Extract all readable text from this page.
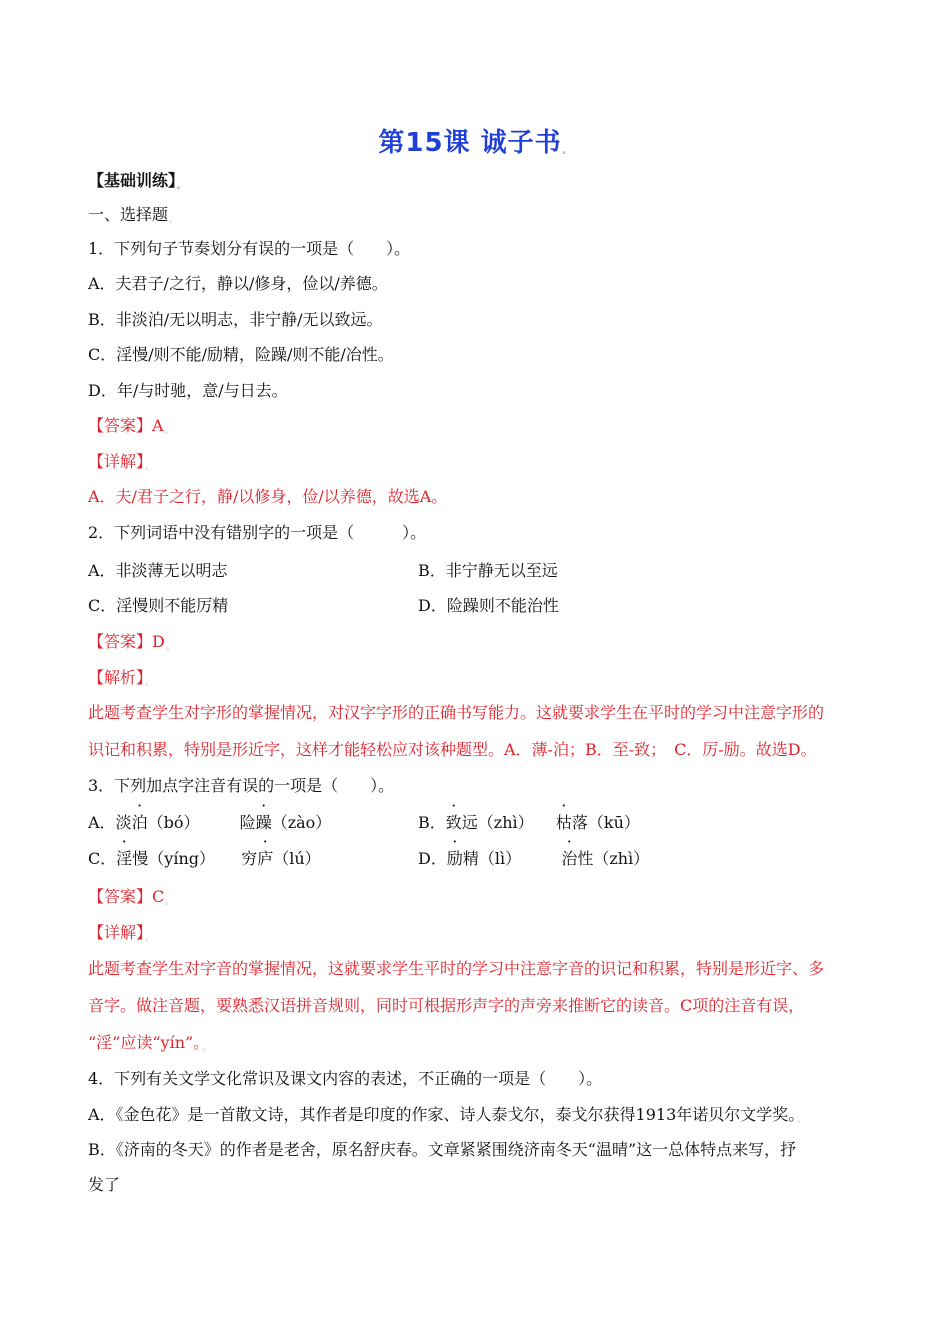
第15课 诚子书。
【基础训练】。
一、选择题。
1．下列句子节奏划分有误的一项是（　　）。
A．夫君子/之行，静以/修身，俭以/养德。
B．非淡泊/无以明志，非宁静/无以致远。
C．淫慢/则不能/励精，险躁/则不能/冶性。
D．年/与时驰，意/与日去。
【答案】A。
【详解】。
A．夫/君子之行，静/以修身，俭/以养德，故选A。
2．下列词语中没有错别字的一项是（　　　）。
A．非淡薄无以明志	B．非宁静无以至远
C．淫慢则不能厉精	D．险躁则不能治性
【答案】D。
【解析】。
此题考查学生对字形的掌握情况，对汉字字形的正确书写能力。这就要求学生在平时的学习中注意字形的
识记和积累，特别是形近字，这样才能轻松应对该种题型。A．薄-泊；B．至-致；　C．厉-励。故选D。
3．下列加点字注音有误的一项是（　　）。
A．淡泊（bó）	险躁（zào）	B．致远（zhì） 枯落（kū）
C．淫慢（yíng） 穷庐（lú）	D．励精（lì）	治性（zhì）
【答案】C。
【详解】。
此题考查学生对字音的掌握情况，这就要求学生平时的学习中注意字音的识记和积累，特别是形近字、多
音字。做注音题，要熟悉汉语拼音规则，同时可根据形声字的声旁来推断它的读音。C项的注音有误，
“淫”应读“yín”。。
4．下列有关文学文化常识及课文内容的表述，不正确的一项是（　　）。
A．《金色花》是一首散文诗，其作者是印度的作家、诗人泰戈尔，泰戈尔获得1913年诺贝尔文学奖。。
B．《济南的冬天》的作者是老舍，原名舒庆春。文章紧紧围绕济南冬天“温晴”这一总体特点来写，抒
发了
